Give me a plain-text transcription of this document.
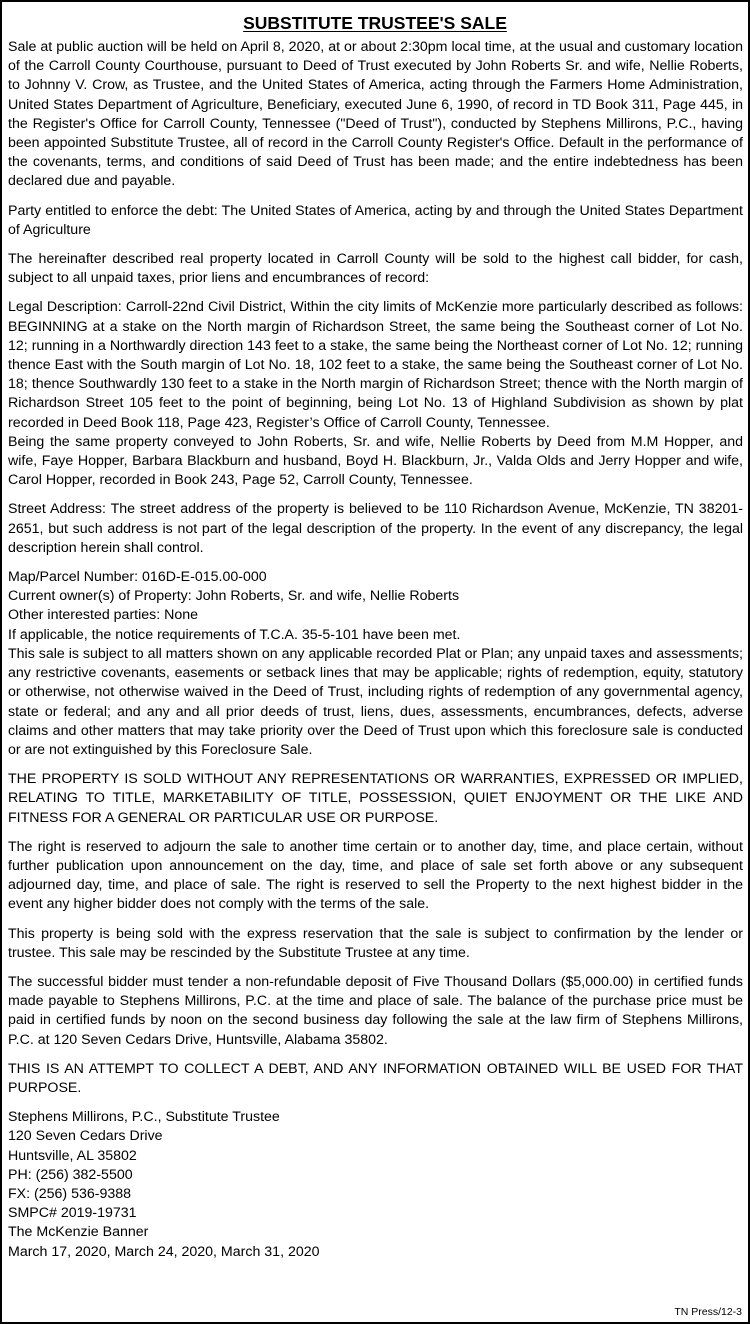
SUBSTITUTE TRUSTEE'S SALE

Sale at public auction will be held on April 8, 2020, at or about 2:30pm local time, at the usual and customary location of the Carroll County Courthouse, pursuant to Deed of Trust executed by John Roberts Sr. and wife, Nellie Roberts, to Johnny V. Crow, as Trustee, and the United States of America, acting through the Farmers Home Administration, United States Department of Agriculture, Beneficiary, executed June 6, 1990, of record in TD Book 311, Page 445, in the Register's Office for Carroll County, Tennessee ("Deed of Trust"), conducted by Stephens Millirons, P.C., having been appointed Substitute Trustee, all of record in the Carroll County Register's Office. Default in the performance of the covenants, terms, and conditions of said Deed of Trust has been made; and the entire indebtedness has been declared due and payable.

Party entitled to enforce the debt: The United States of America, acting by and through the United States Department of Agriculture

The hereinafter described real property located in Carroll County will be sold to the highest call bidder, for cash, subject to all unpaid taxes, prior liens and encumbrances of record:

Legal Description: Carroll-22nd Civil District, Within the city limits of McKenzie more particularly described as follows: BEGINNING at a stake on the North margin of Richardson Street, the same being the Southeast corner of Lot No. 12; running in a Northwardly direction 143 feet to a stake, the same being the Northeast corner of Lot No. 12; running thence East with the South margin of Lot No. 18, 102 feet to a stake, the same being the Southeast corner of Lot No. 18; thence Southwardly 130 feet to a stake in the North margin of Richardson Street; thence with the North margin of Richardson Street 105 feet to the point of beginning, being Lot No. 13 of Highland Subdivision as shown by plat recorded in Deed Book 118, Page 423, Register’s Office of Carroll County, Tennessee.

Being the same property conveyed to John Roberts, Sr. and wife, Nellie Roberts by Deed from M.M Hopper, and wife, Faye Hopper, Barbara Blackburn and husband, Boyd H. Blackburn, Jr., Valda Olds and Jerry Hopper and wife, Carol Hopper, recorded in Book 243, Page 52, Carroll County, Tennessee.

Street Address: The street address of the property is believed to be 110 Richardson Avenue, McKenzie, TN 38201-2651, but such address is not part of the legal description of the property. In the event of any discrepancy, the legal description herein shall control.

Map/Parcel Number: 016D-E-015.00-000
Current owner(s) of Property: John Roberts, Sr. and wife, Nellie Roberts
Other interested parties: None
If applicable, the notice requirements of T.C.A. 35-5-101 have been met.

This sale is subject to all matters shown on any applicable recorded Plat or Plan; any unpaid taxes and assessments; any restrictive covenants, easements or setback lines that may be applicable; rights of redemption, equity, statutory or otherwise, not otherwise waived in the Deed of Trust, including rights of redemption of any governmental agency, state or federal; and any and all prior deeds of trust, liens, dues, assessments, encumbrances, defects, adverse claims and other matters that may take priority over the Deed of Trust upon which this foreclosure sale is conducted or are not extinguished by this Foreclosure Sale.

THE PROPERTY IS SOLD WITHOUT ANY REPRESENTATIONS OR WARRANTIES, EXPRESSED OR IMPLIED, RELATING TO TITLE, MARKETABILITY OF TITLE, POSSESSION, QUIET ENJOYMENT OR THE LIKE AND FITNESS FOR A GENERAL OR PARTICULAR USE OR PURPOSE.

The right is reserved to adjourn the sale to another time certain or to another day, time, and place certain, without further publication upon announcement on the day, time, and place of sale set forth above or any subsequent adjourned day, time, and place of sale. The right is reserved to sell the Property to the next highest bidder in the event any higher bidder does not comply with the terms of the sale.

This property is being sold with the express reservation that the sale is subject to confirmation by the lender or trustee. This sale may be rescinded by the Substitute Trustee at any time.

The successful bidder must tender a non-refundable deposit of Five Thousand Dollars ($5,000.00) in certified funds made payable to Stephens Millirons, P.C. at the time and place of sale. The balance of the purchase price must be paid in certified funds by noon on the second business day following the sale at the law firm of Stephens Millirons, P.C. at 120 Seven Cedars Drive, Huntsville, Alabama 35802.

THIS IS AN ATTEMPT TO COLLECT A DEBT, AND ANY INFORMATION OBTAINED WILL BE USED FOR THAT PURPOSE.

Stephens Millirons, P.C., Substitute Trustee
120 Seven Cedars Drive
Huntsville, AL 35802
PH: (256) 382-5500
FX: (256) 536-9388
SMPC# 2019-19731
The McKenzie Banner
March 17, 2020, March 24, 2020, March 31, 2020
TN Press/12-3
